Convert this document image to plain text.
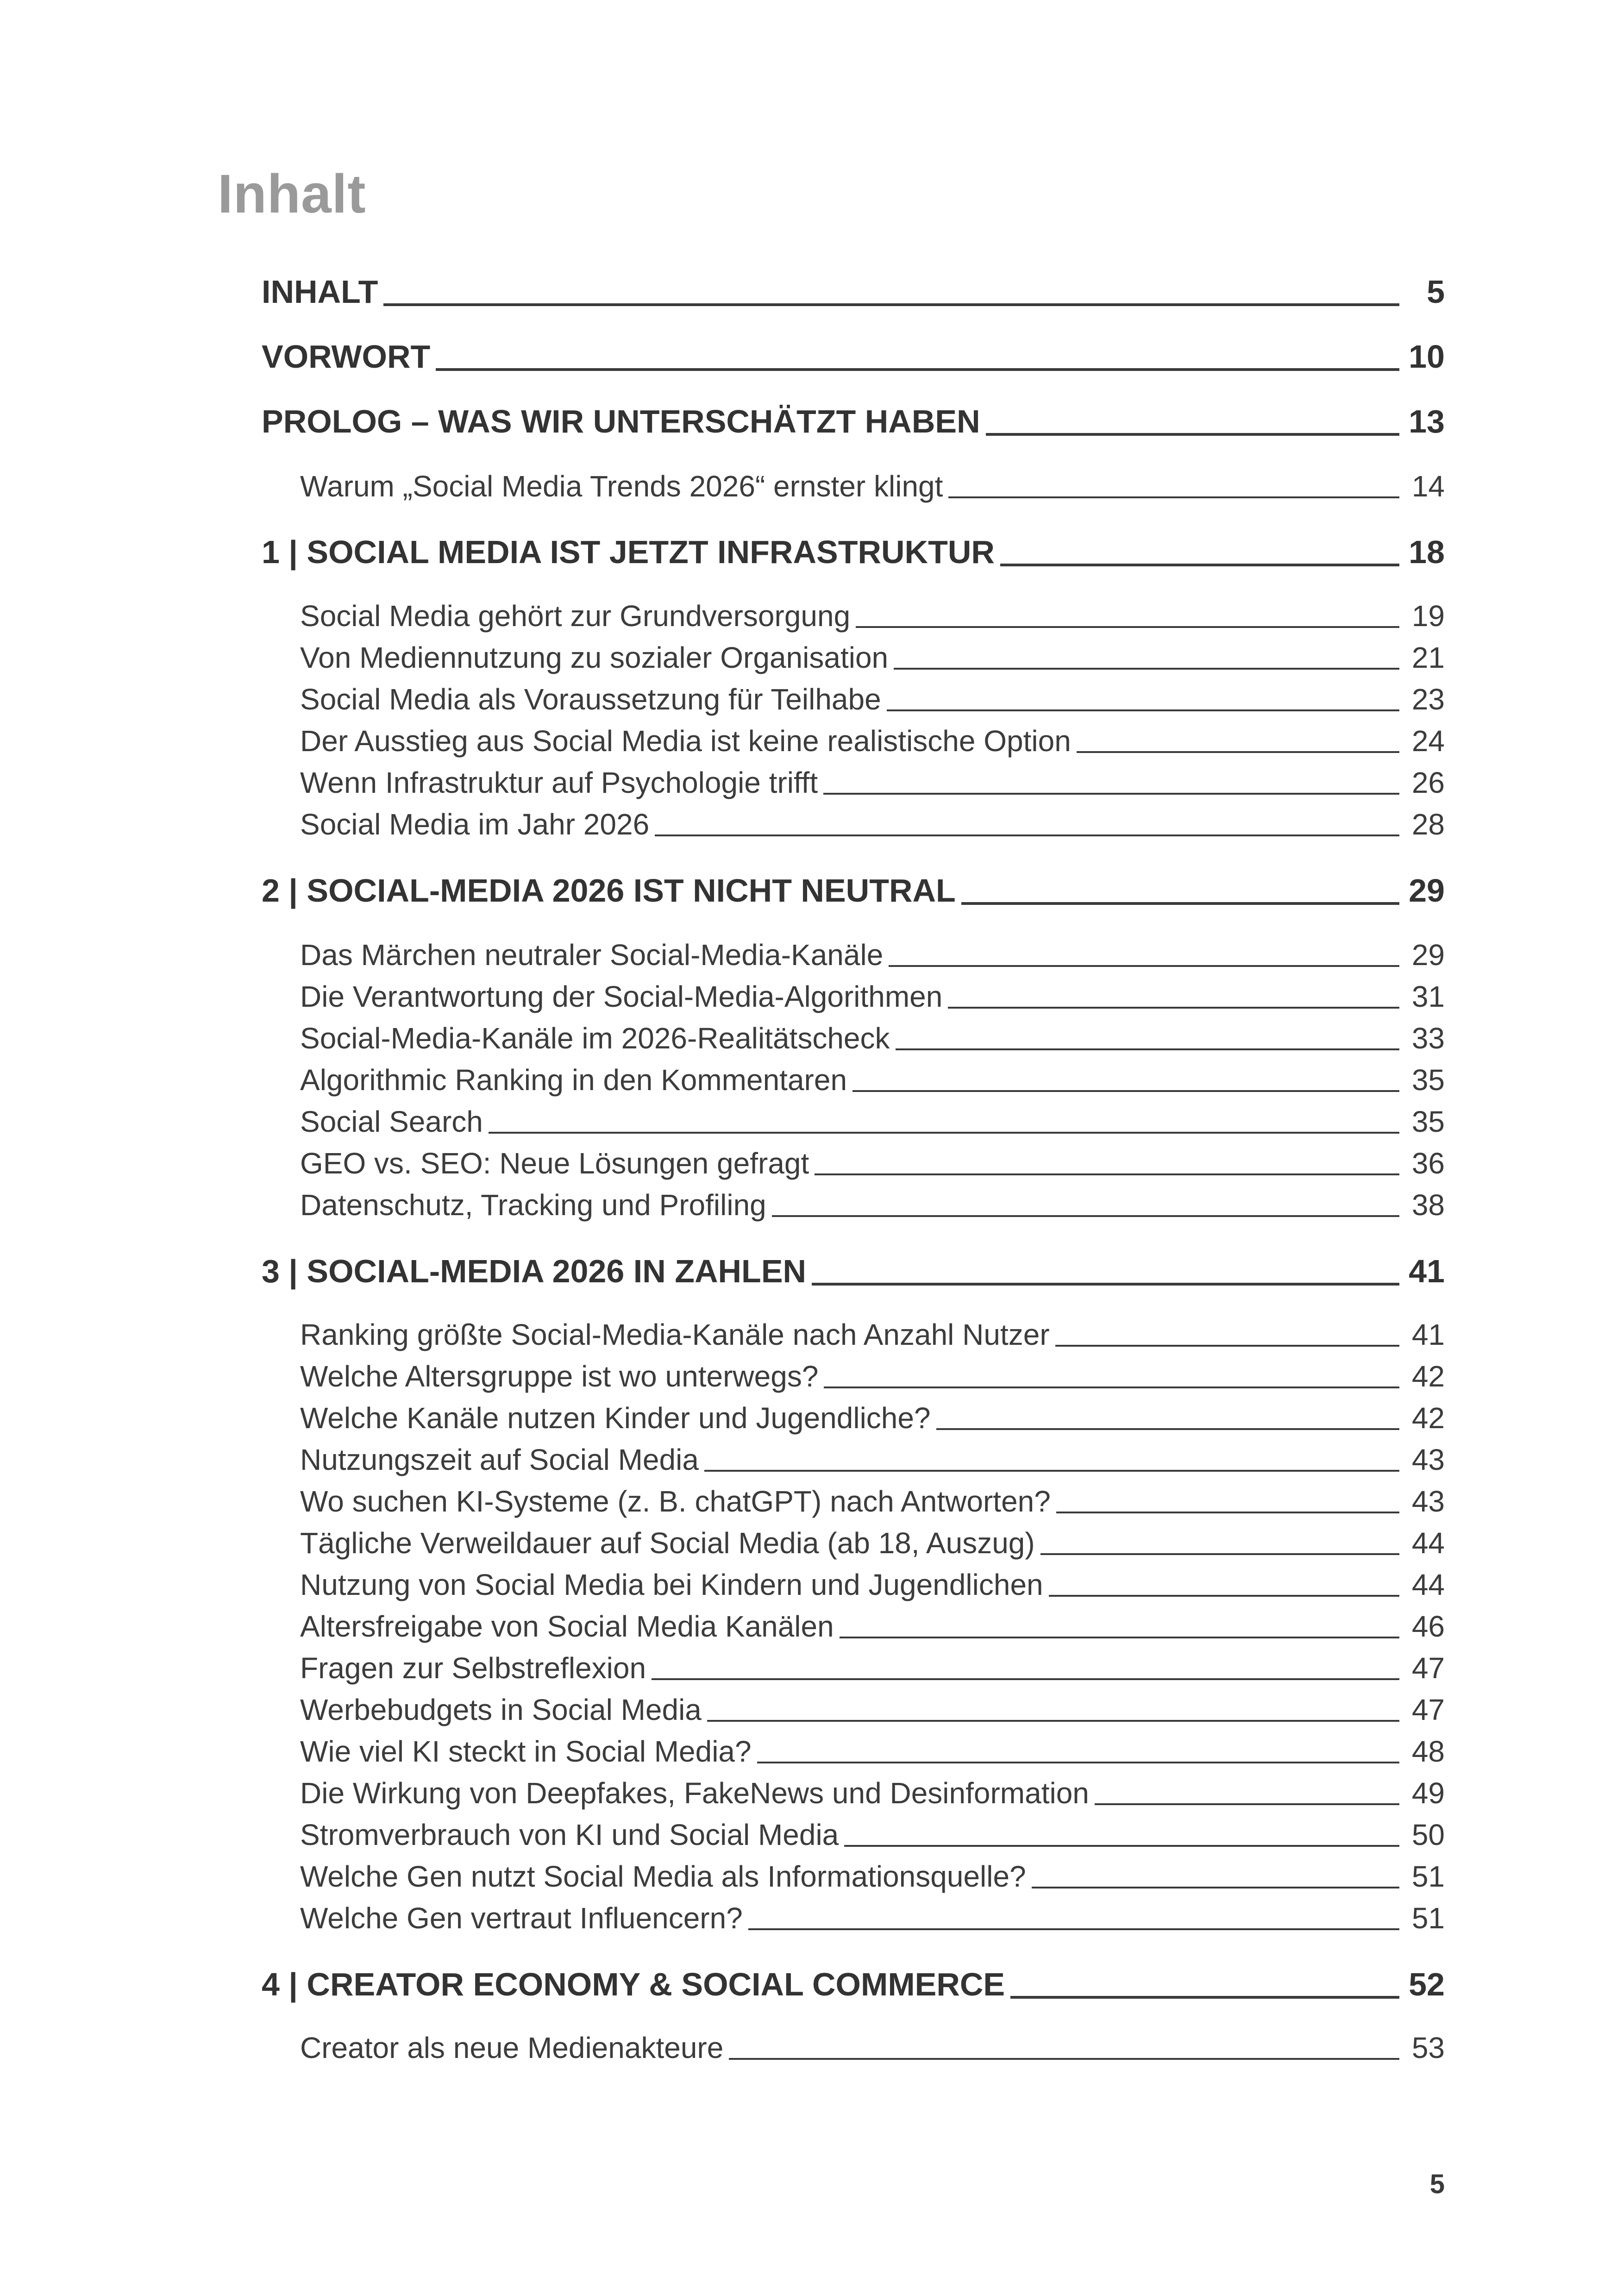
Inhalt
INHALT	5
VORWORT	10
PROLOG – WAS WIR UNTERSCHÄTZT HABEN	13
Warum „Social Media Trends 2026“ ernster klingt	14
1 | SOCIAL MEDIA IST JETZT INFRASTRUKTUR	18
Social Media gehört zur Grundversorgung	19
Von Mediennutzung zu sozialer Organisation	21
Social Media als Voraussetzung für Teilhabe	23
Der Ausstieg aus Social Media ist keine realistische Option	24
Wenn Infrastruktur auf Psychologie trifft	26
Social Media im Jahr 2026	28
2 | SOCIAL-MEDIA 2026 IST NICHT NEUTRAL	29
Das Märchen neutraler Social-Media-Kanäle	29
Die Verantwortung der Social-Media-Algorithmen	31
Social-Media-Kanäle im 2026-Realitätscheck	33
Algorithmic Ranking in den Kommentaren	35
Social Search	35
GEO vs. SEO: Neue Lösungen gefragt	36
Datenschutz, Tracking und Profiling	38
3 | SOCIAL-MEDIA 2026 IN ZAHLEN	41
Ranking größte Social-Media-Kanäle nach Anzahl Nutzer	41
Welche Altersgruppe ist wo unterwegs?	42
Welche Kanäle nutzen Kinder und Jugendliche?	42
Nutzungszeit auf Social Media	43
Wo suchen KI-Systeme (z. B. chatGPT) nach Antworten?	43
Tägliche Verweildauer auf Social Media (ab 18, Auszug)	44
Nutzung von Social Media bei Kindern und Jugendlichen	44
Altersfreigabe von Social Media Kanälen	46
Fragen zur Selbstreflexion	47
Werbebudgets in Social Media	47
Wie viel KI steckt in Social Media?	48
Die Wirkung von Deepfakes, FakeNews und Desinformation	49
Stromverbrauch von KI und Social Media	50
Welche Gen nutzt Social Media als Informationsquelle?	51
Welche Gen vertraut Influencern?	51
4 | CREATOR ECONOMY & SOCIAL COMMERCE	52
Creator als neue Medienakteure	53
5
